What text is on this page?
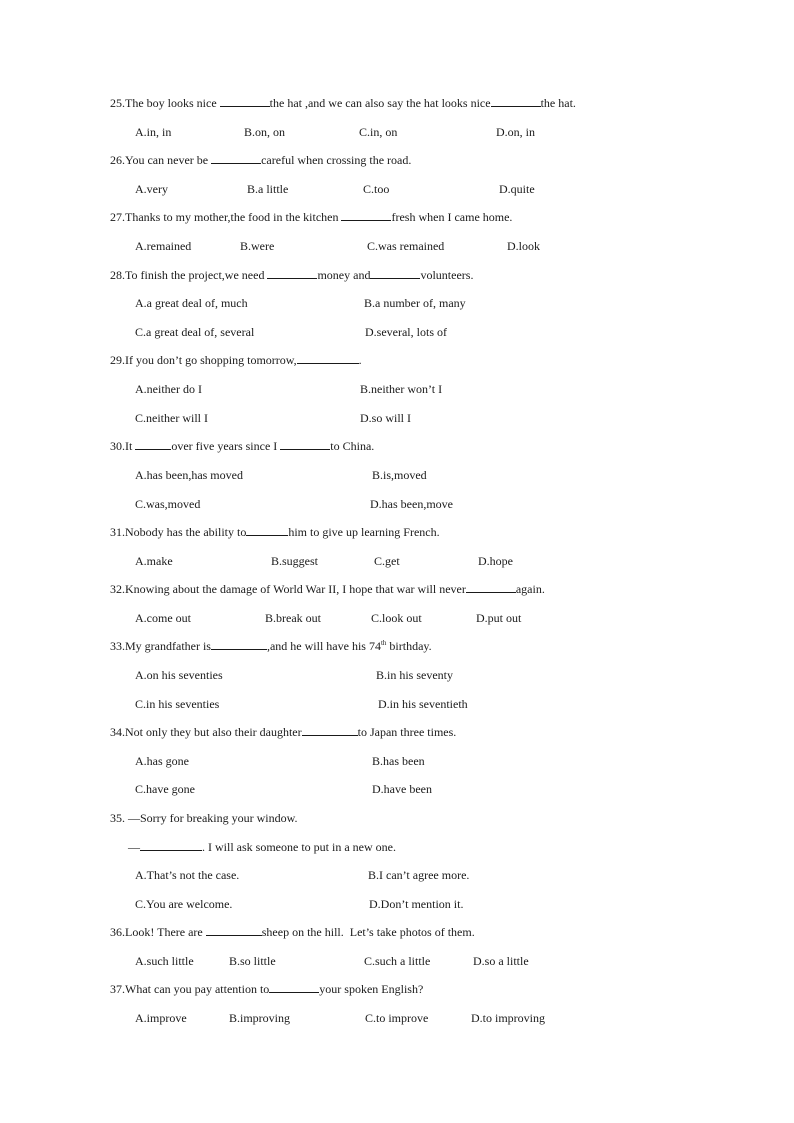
25.The boy looks nice	the hat ,and we can also say the hat looks nice	the hat.
A.in, in	B.on, on	C.in, on	D.on, in
26.You can never be	careful when crossing the road.
A.very	B.a little	C.too	D.quite
27.Thanks to my mother,the food in the kitchen	fresh when I came home.
A.remained	B.were	C.was remained	D.look
28.To finish the project,we need	money and	volunteers.
A.a great deal of, much	B.a number of, many
C.a great deal of, several	D.several, lots of
29.If you don’t go shopping tomorrow,	.
A.neither do I	B.neither won’t I
C.neither will I	D.so will I
30.It	over five years since I	to China.
A.has been,has moved	B.is,moved
C.was,moved	D.has been,move
31.Nobody has the ability to	him to give up learning French.
A.make	B.suggest	C.get	D.hope
32.Knowing about the damage of World War II, I hope that war will never	again.
A.come out	B.break out	C.look out	D.put out
33.My grandfather is	,and he will have his 74th birthday.
A.on his seventies	B.in his seventy
C.in his seventies	D.in his seventieth
34.Not only they but also their daughter	to Japan three times.
A.has gone	B.has been
C.have gone	D.have been
35. —Sorry for breaking your window.
—	. I will ask someone to put in a new one.
A.That’s not the case.	B.I can’t agree more.
C.You are welcome.	D.Don’t mention it.
36.Look! There are	sheep on the hill.  Let’s take photos of them.
A.such little	B.so little	C.such a little	D.so a little
37.What can you pay attention to	your spoken English?
A.improve	B.improving	C.to improve	D.to improving
